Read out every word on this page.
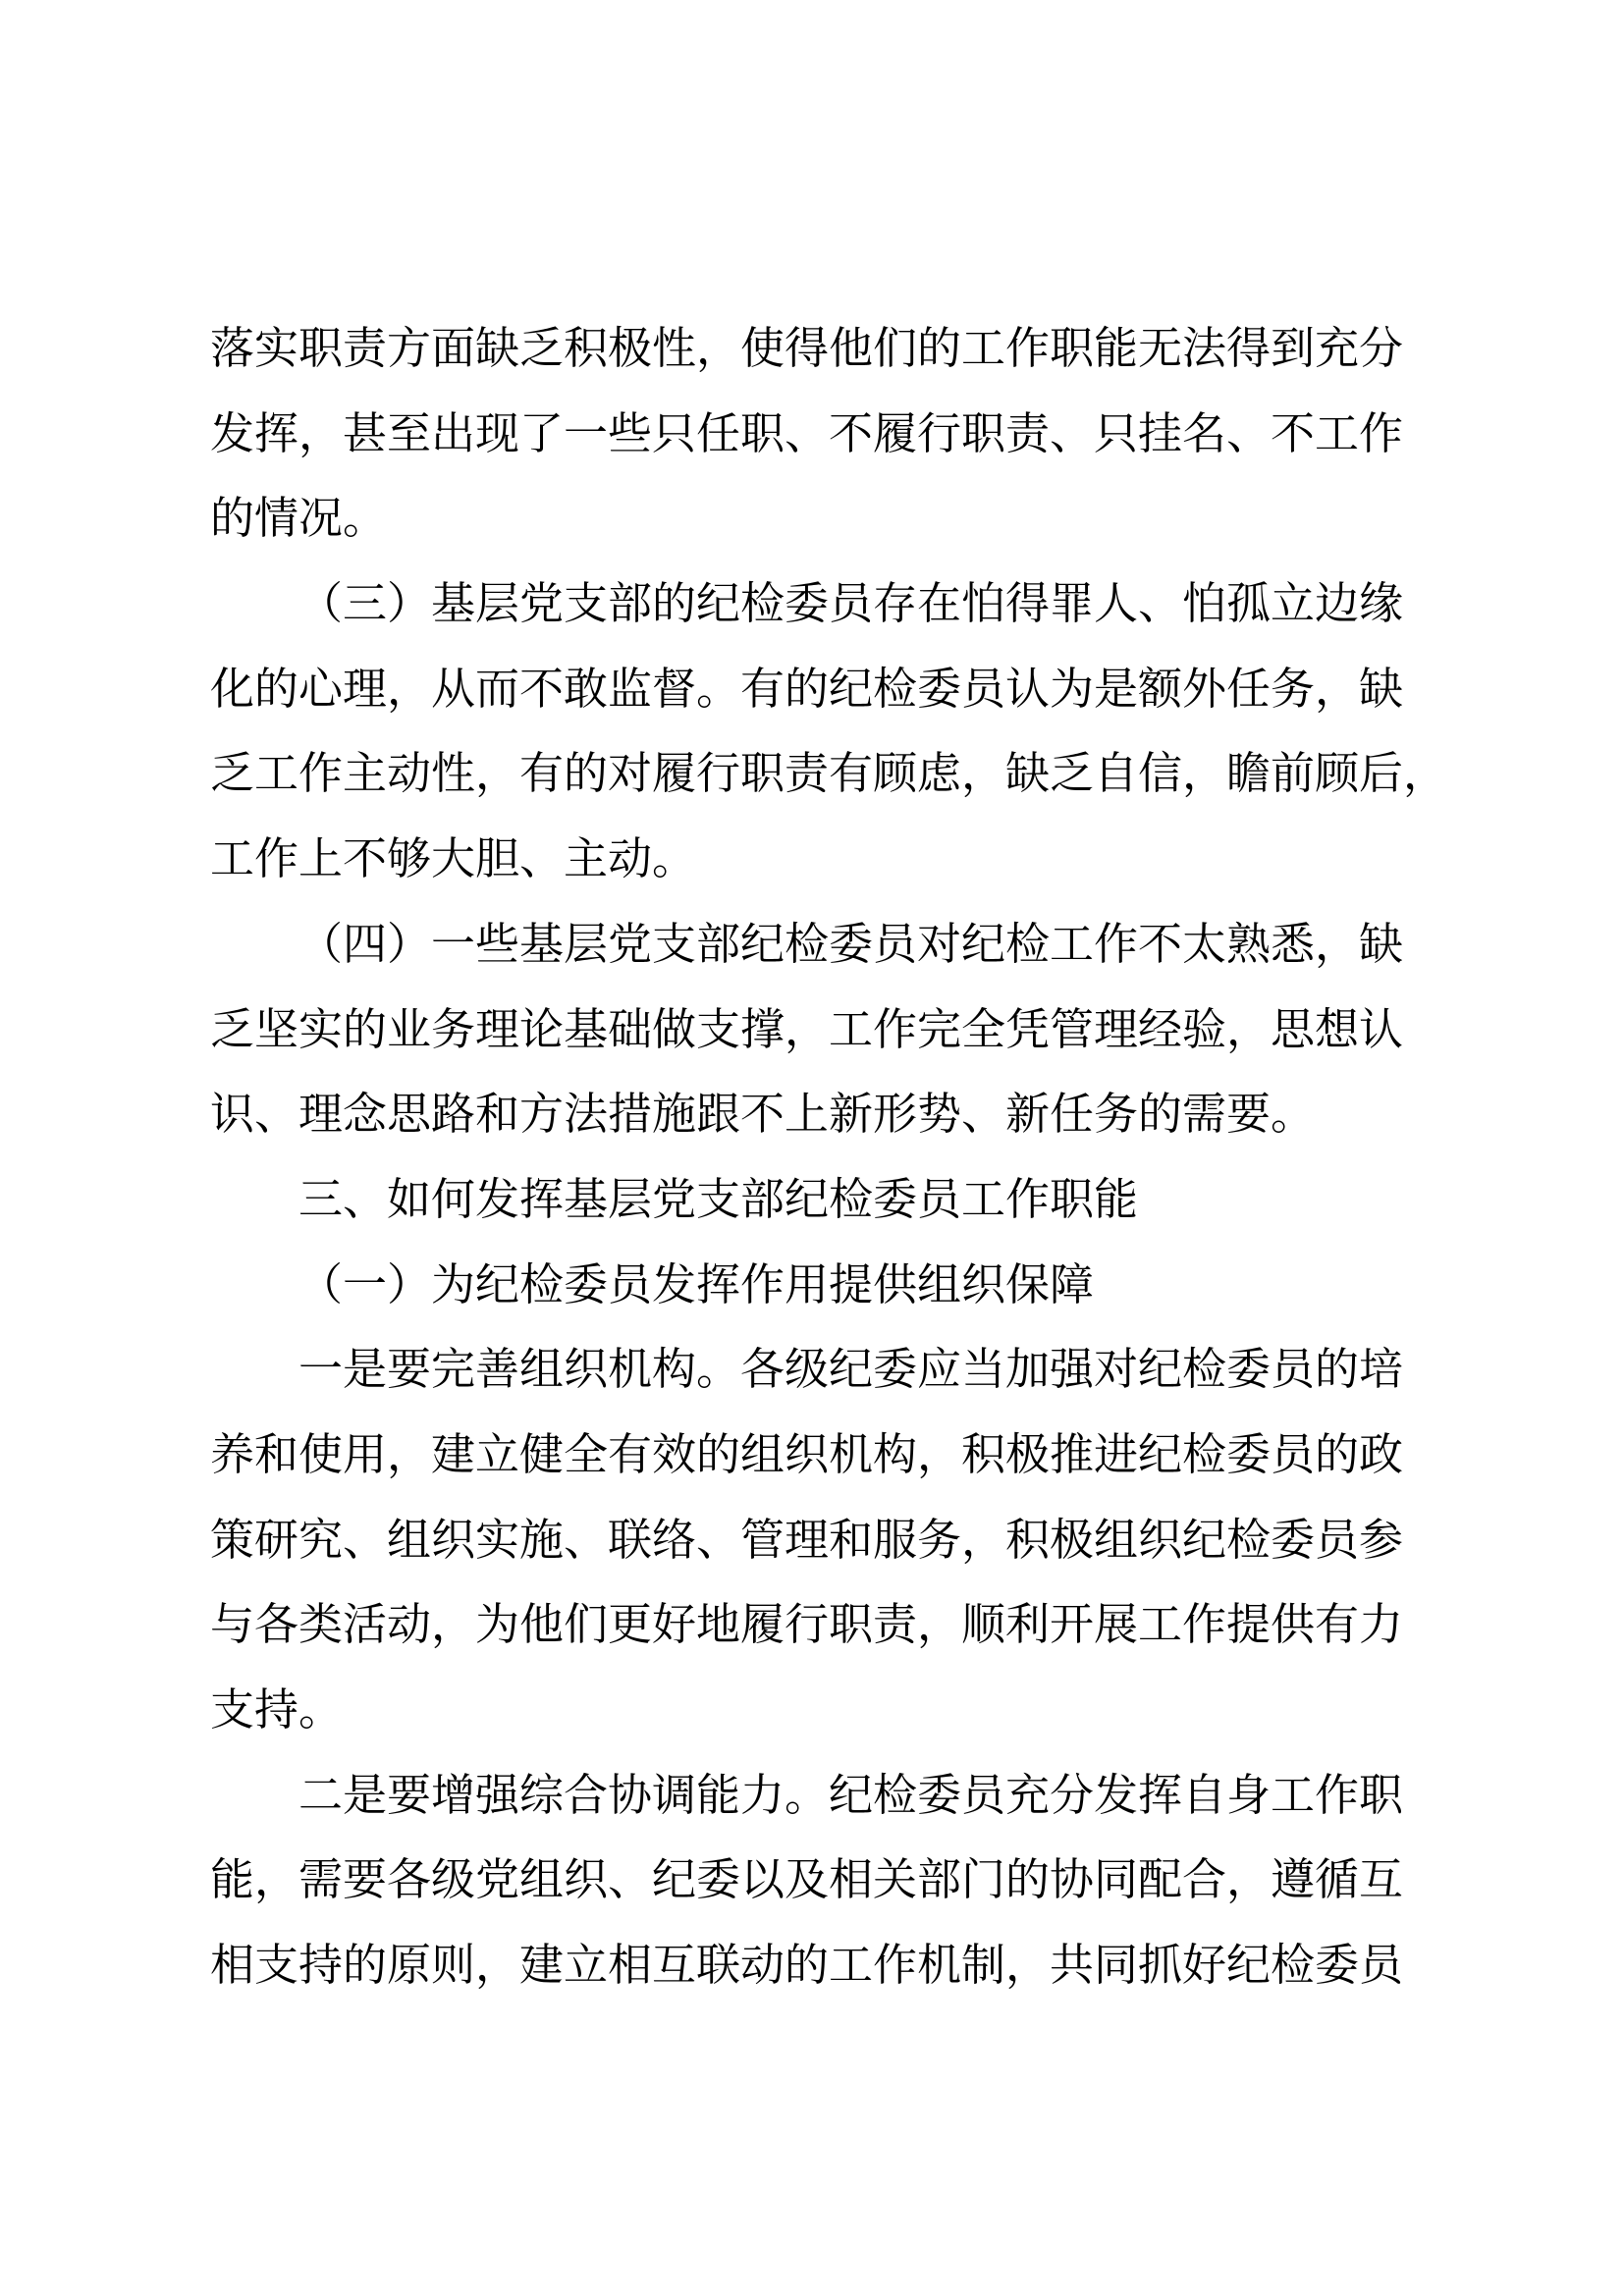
落实职责方面缺乏积极性，使得他们的工作职能无法得到充分
发挥，甚至出现了一些只任职、不履行职责、只挂名、不工作
的情况。
（三）基层党支部的纪检委员存在怕得罪人、怕孤立边缘
化的心理，从而不敢监督。有的纪检委员认为是额外任务，缺
乏工作主动性，有的对履行职责有顾虑，缺乏自信，瞻前顾后，
工作上不够大胆、主动。
（四）一些基层党支部纪检委员对纪检工作不太熟悉，缺
乏坚实的业务理论基础做支撑，工作完全凭管理经验，思想认
识、理念思路和方法措施跟不上新形势、新任务的需要。
三、如何发挥基层党支部纪检委员工作职能
（一）为纪检委员发挥作用提供组织保障
一是要完善组织机构。各级纪委应当加强对纪检委员的培
养和使用，建立健全有效的组织机构，积极推进纪检委员的政
策研究、组织实施、联络、管理和服务，积极组织纪检委员参
与各类活动，为他们更好地履行职责，顺利开展工作提供有力
支持。
二是要增强综合协调能力。纪检委员充分发挥自身工作职
能，需要各级党组织、纪委以及相关部门的协同配合，遵循互
相支持的原则，建立相互联动的工作机制，共同抓好纪检委员
